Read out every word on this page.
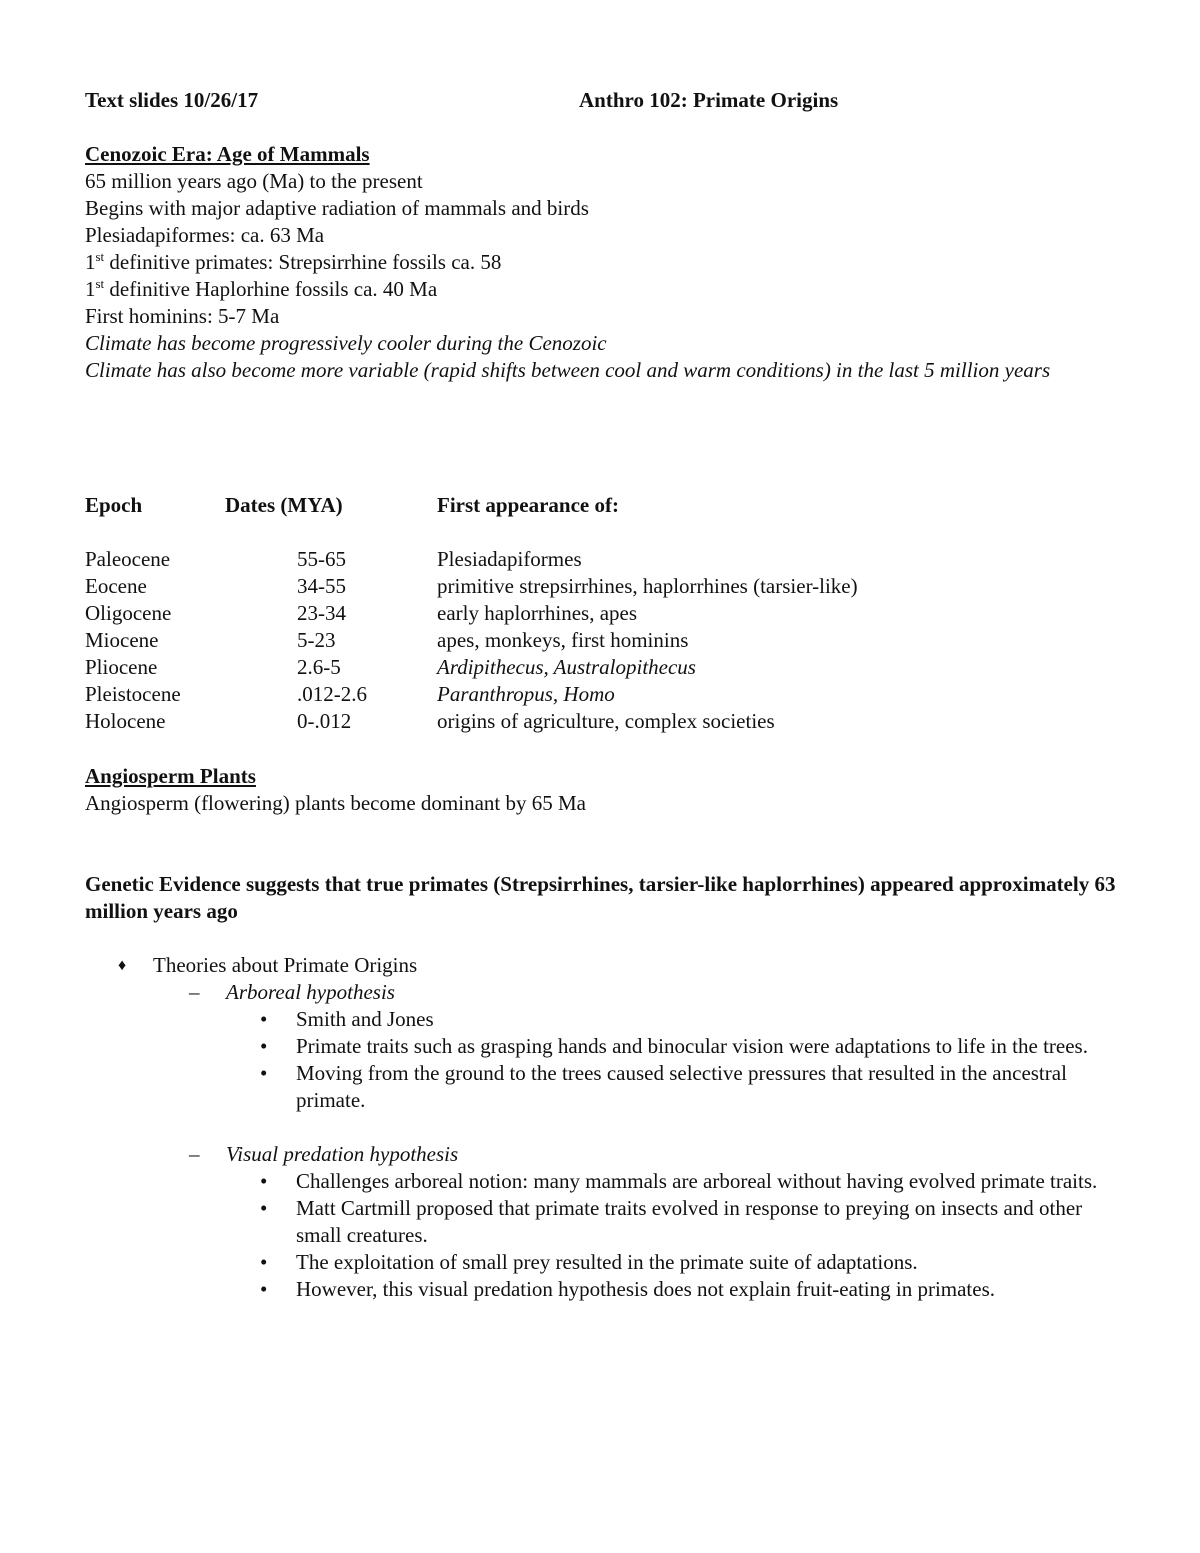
Text slides 10/26/17	Anthro 102: Primate Origins
Cenozoic Era: Age of Mammals
65 million years ago (Ma) to the present
Begins with major adaptive radiation of mammals and birds
Plesiadapiformes: ca. 63 Ma
1st definitive primates: Strepsirrhine fossils ca. 58
1st definitive Haplorhine fossils ca. 40 Ma
First hominins: 5-7 Ma
Climate has become progressively cooler during the Cenozoic
Climate has also become more variable (rapid shifts between cool and warm conditions) in the last 5 million years
Epoch	Dates (MYA)	First appearance of:
Paleocene	55-65	Plesiadapiformes
Eocene	34-55	primitive strepsirrhines, haplorrhines (tarsier-like)
Oligocene	23-34	early haplorrhines, apes
Miocene	5-23	apes, monkeys, first hominins
Pliocene	2.6-5	Ardipithecus, Australopithecus
Pleistocene	.012-2.6	Paranthropus, Homo
Holocene	0-.012	origins of agriculture, complex societies
Angiosperm Plants
Angiosperm (flowering) plants become dominant by 65 Ma
Genetic Evidence suggests that true primates (Strepsirrhines, tarsier-like haplorrhines) appeared approximately 63 million years ago
♦ Theories about Primate Origins
– Arboreal hypothesis
• Smith and Jones
• Primate traits such as grasping hands and binocular vision were adaptations to life in the trees.
• Moving from the ground to the trees caused selective pressures that resulted in the ancestral primate.
– Visual predation hypothesis
• Challenges arboreal notion: many mammals are arboreal without having evolved primate traits.
• Matt Cartmill proposed that primate traits evolved in response to preying on insects and other small creatures.
• The exploitation of small prey resulted in the primate suite of adaptations.
• However, this visual predation hypothesis does not explain fruit-eating in primates.
